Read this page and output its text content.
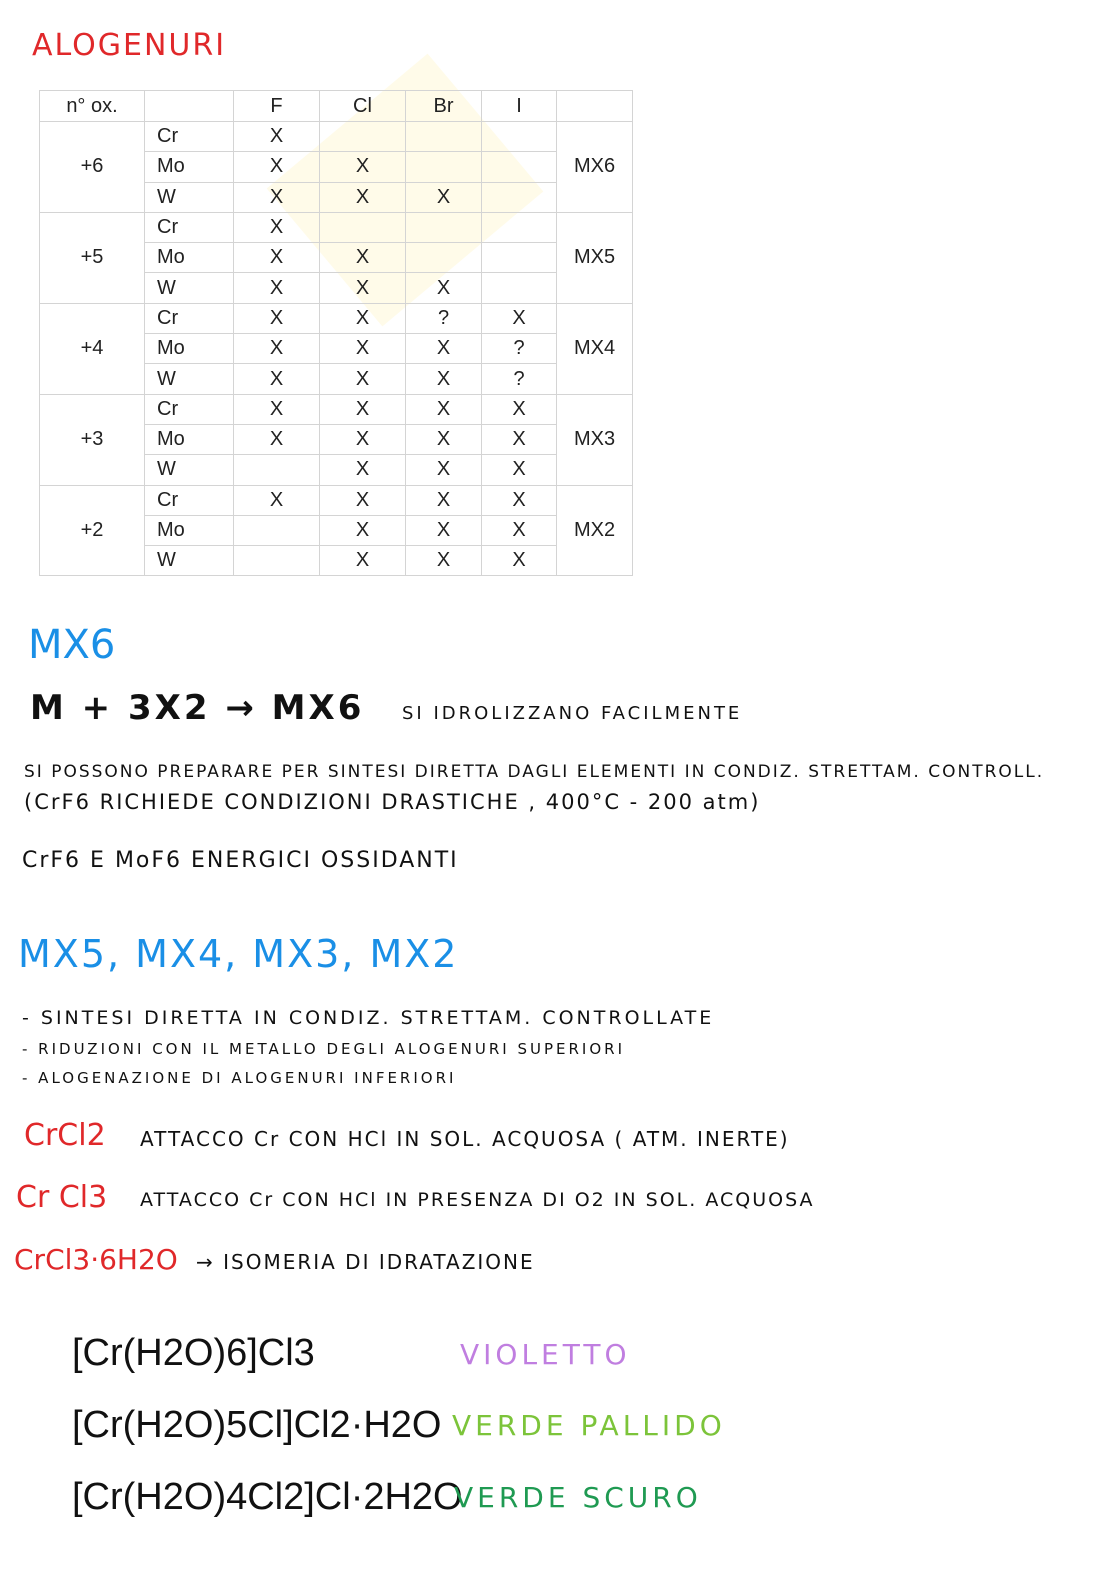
ALOGENURI
n° ox.		F	Cl	Br	I	
+6	Cr	X				MX6
	Mo	X	X			
	W	X	X	X		
+5	Cr	X				MX5
	Mo	X	X			
	W	X	X	X		
+4	Cr	X	X	?	X	MX4
	Mo	X	X	X	?	
	W	X	X	X	?	
+3	Cr	X	X	X	X	MX3
	Mo	X	X	X	X	
	W		X	X	X	
+2	Cr	X	X	X	X	MX2
	Mo		X	X	X	
	W		X	X	X	
MX6
M + 3X2 → MX6 SI IDROLIZZANO FACILMENTE
SI POSSONO PREPARARE PER SINTESI DIRETTA DAGLI ELEMENTI IN CONDIZ. STRETTAM. CONTROLL.
(CrF6 RICHIEDE CONDIZIONI DRASTICHE , 400°C - 200 atm)
CrF6 E MoF6 ENERGICI OSSIDANTI
MX5, MX4, MX3, MX2
- SINTESI DIRETTA IN CONDIZ. STRETTAM. CONTROLLATE
- RIDUZIONI CON IL METALLO DEGLI ALOGENURI SUPERIORI
- ALOGENAZIONE DI ALOGENURI INFERIORI
CrCl2 ATTACCO Cr CON HCl IN SOL. ACQUOSA ( ATM. INERTE)
Cr Cl3 ATTACCO Cr CON HCl IN PRESENZA DI O2 IN SOL. ACQUOSA
CrCl3·6H2O → ISOMERIA DI IDRATAZIONE
[Cr(H2O)6]Cl3	VIOLETTO
[Cr(H2O)5Cl]Cl2·H2O VERDE PALLIDO
[Cr(H2O)4Cl2]Cl·2H2O
VERDE SCURO
